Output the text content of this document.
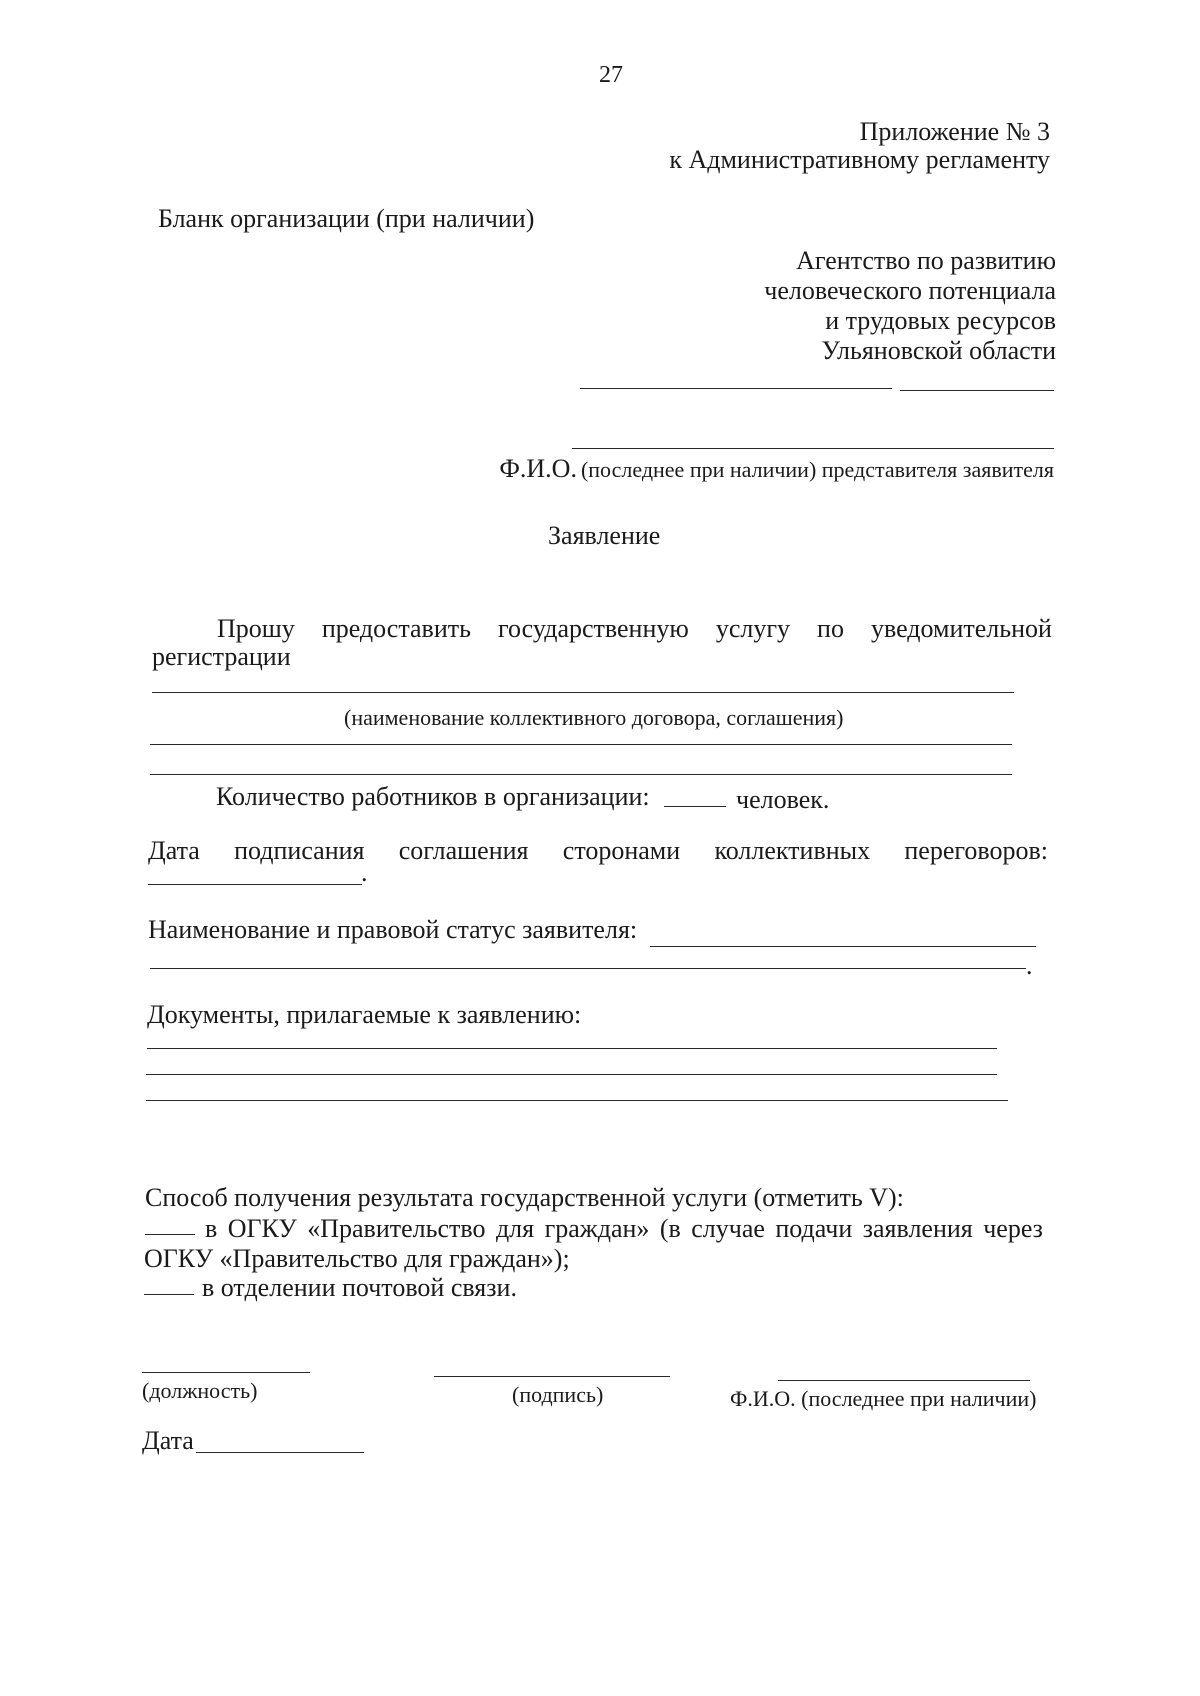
27
Приложение № 3
к Административному регламенту
Бланк организации (при наличии)
Агентство по развитию
человеческого потенциала
и трудовых ресурсов
Ульяновской области
Ф.И.О. (последнее при наличии) представителя заявителя
Заявление
Прошу предоставить государственную услугу по уведомительной
регистрации
(наименование коллективного договора, соглашения)
Количество работников в организации:	человек.
Дата подписания соглашения сторонами коллективных переговоров:
.
Наименование и правовой статус заявителя:
.
Документы, прилагаемые к заявлению:
Способ получения результата государственной услуги (отметить V):
в ОГКУ «Правительство для граждан» (в случае подачи заявления через
ОГКУ «Правительство для граждан»);
в отделении почтовой связи.
(должность)	(подпись)	Ф.И.О. (последнее при наличии)
Дата
